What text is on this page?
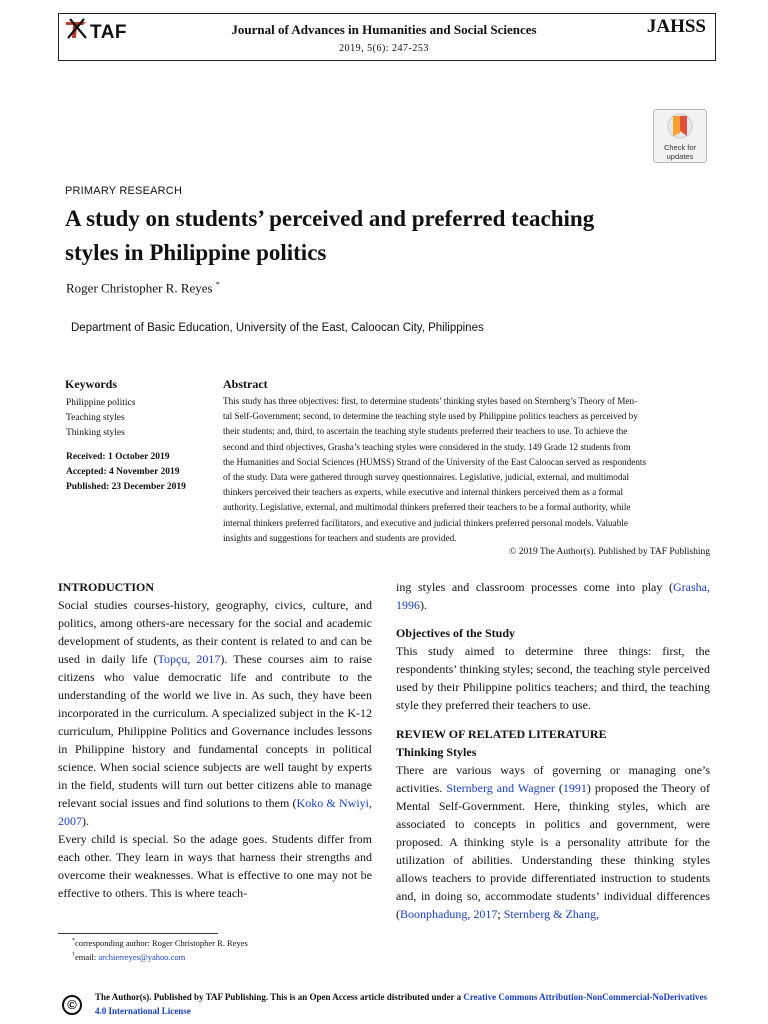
TAF	Journal of Advances in Humanities and Social Sciences
2019, 5(6): 247-253
JAHSS
Check for updates
PRIMARY RESEARCH
A study on students’ perceived and preferred teaching
styles in Philippine politics
Roger Christopher R. Reyes *
Department of Basic Education, University of the East, Caloocan City, Philippines
Keywords
Philippine politics
Teaching styles
Thinking styles
Received: 1 October 2019
Accepted: 4 November 2019
Published: 23 December 2019
Abstract
This study has three objectives: first, to determine students’ thinking styles based on Sternberg’s Theory of Men-
tal Self-Government; second, to determine the teaching style used by Philippine politics teachers as perceived by
their students; and, third, to ascertain the teaching style students preferred their teachers to use. To achieve the
second and third objectives, Grasha’s teaching styles were considered in the study. 149 Grade 12 students from
the Humanities and Social Sciences (HUMSS) Strand of the University of the East Caloocan served as respondents
of the study. Data were gathered through survey questionnaires. Legislative, judicial, external, and multimodal
thinkers perceived their teachers as experts, while executive and internal thinkers perceived them as a formal
authority. Legislative, external, and multimodal thinkers preferred their teachers to be a formal authority, while
internal thinkers preferred facilitators, and executive and judicial thinkers preferred personal models. Valuable
insights and suggestions for teachers and students are provided.
© 2019 The Author(s). Published by TAF Publishing
INTRODUCTION

Social studies courses-history, geography, civics, culture, and politics, among others-are necessary for the social and academic development of students, as their content is related to and can be used in daily life (Topçu, 2017). These courses aim to raise citizens who value democratic life and contribute to the understanding of the world we live in. As such, they have been incorporated in the curriculum. A specialized subject in the K-12 curriculum, Philippine Politics and Governance includes lessons in Philippine history and fundamental concepts in political science. When social science subjects are well taught by experts in the field, students will turn out better citizens able to manage relevant social issues and find solutions to them (Koko & Nwiyi, 2007).

Every child is special. So the adage goes. Students differ from each other. They learn in ways that harness their strengths and overcome their weaknesses. What is effective to one may not be effective to others. This is where teach-

ing styles and classroom processes come into play (Grasha, 1996).

Objectives of the Study

This study aimed to determine three things: first, the respondents’ thinking styles; second, the teaching style perceived used by their Philippine politics teachers; and third, the teaching style they preferred their teachers to use.

REVIEW OF RELATED LITERATURE
Thinking Styles

There are various ways of governing or managing one’s activities. Sternberg and Wagner (1991) proposed the Theory of Mental Self-Government. Here, thinking styles, which are associated to concepts in politics and government, were proposed. A thinking style is a personality attribute for the utilization of abilities. Understanding these thinking styles allows teachers to provide differentiated instruction to students and, in doing so, accommodate students’ individual differences (Boonphadung, 2017; Sternberg & Zhang,

*corresponding author: Roger Christopher R. Reyes
†email: archierreyes@yahoo.com
©	The Author(s). Published by TAF Publishing. This is an Open Access article distributed under a Creative Commons Attribution-NonCommercial-NoDerivatives 4.0 International License
